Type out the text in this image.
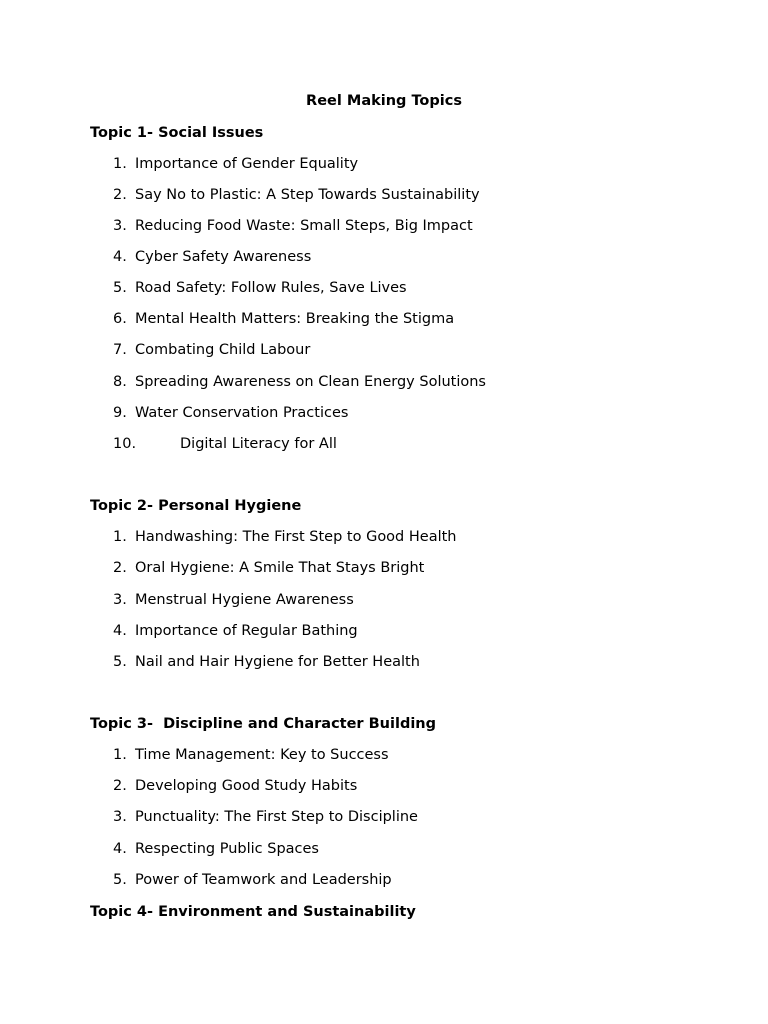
Reel Making Topics
Topic 1- Social Issues
1. Importance of Gender Equality
2. Say No to Plastic: A Step Towards Sustainability
3. Reducing Food Waste: Small Steps, Big Impact
4. Cyber Safety Awareness
5. Road Safety: Follow Rules, Save Lives
6. Mental Health Matters: Breaking the Stigma
7. Combating Child Labour
8. Spreading Awareness on Clean Energy Solutions
9. Water Conservation Practices
10.	Digital Literacy for All
Topic 2- Personal Hygiene
1. Handwashing: The First Step to Good Health
2. Oral Hygiene: A Smile That Stays Bright
3. Menstrual Hygiene Awareness
4. Importance of Regular Bathing
5. Nail and Hair Hygiene for Better Health
Topic 3-  Discipline and Character Building
1. Time Management: Key to Success
2. Developing Good Study Habits
3. Punctuality: The First Step to Discipline
4. Respecting Public Spaces
5. Power of Teamwork and Leadership
Topic 4- Environment and Sustainability
